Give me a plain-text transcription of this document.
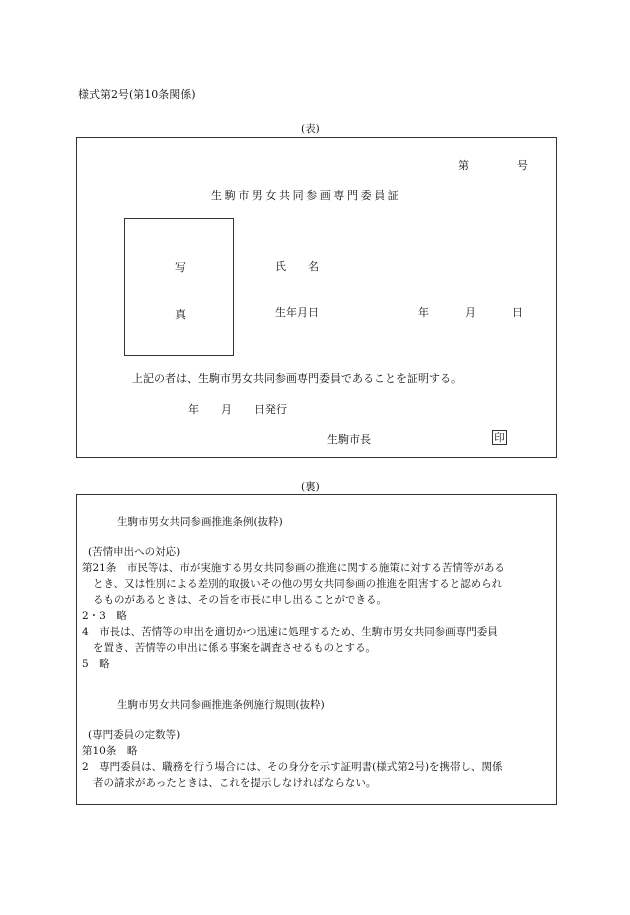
様式第2号(第10条関係)
(表)
第	号
生駒市男女共同参画専門委員証
写
真
氏　　名
生年月日	年	月	日
上記の者は、生駒市男女共同参画専門委員であることを証明する。
年　　月　　日発行
生駒市長	印
(裏)
生駒市男女共同参画推進条例(抜粋)
(苦情申出への対応)
第21条　市民等は、市が実施する男女共同参画の推進に関する施策に対する苦情等がある
とき、又は性別による差別的取扱いその他の男女共同参画の推進を阻害すると認められ
るものがあるときは、その旨を市長に申し出ることができる。
2・3　略
4　市長は、苦情等の申出を適切かつ迅速に処理するため、生駒市男女共同参画専門委員
を置き、苦情等の申出に係る事案を調査させるものとする。
5　略
生駒市男女共同参画推進条例施行規則(抜粋)
(専門委員の定数等)
第10条　略
2　専門委員は、職務を行う場合には、その身分を示す証明書(様式第2号)を携帯し、関係
者の請求があったときは、これを提示しなければならない。
